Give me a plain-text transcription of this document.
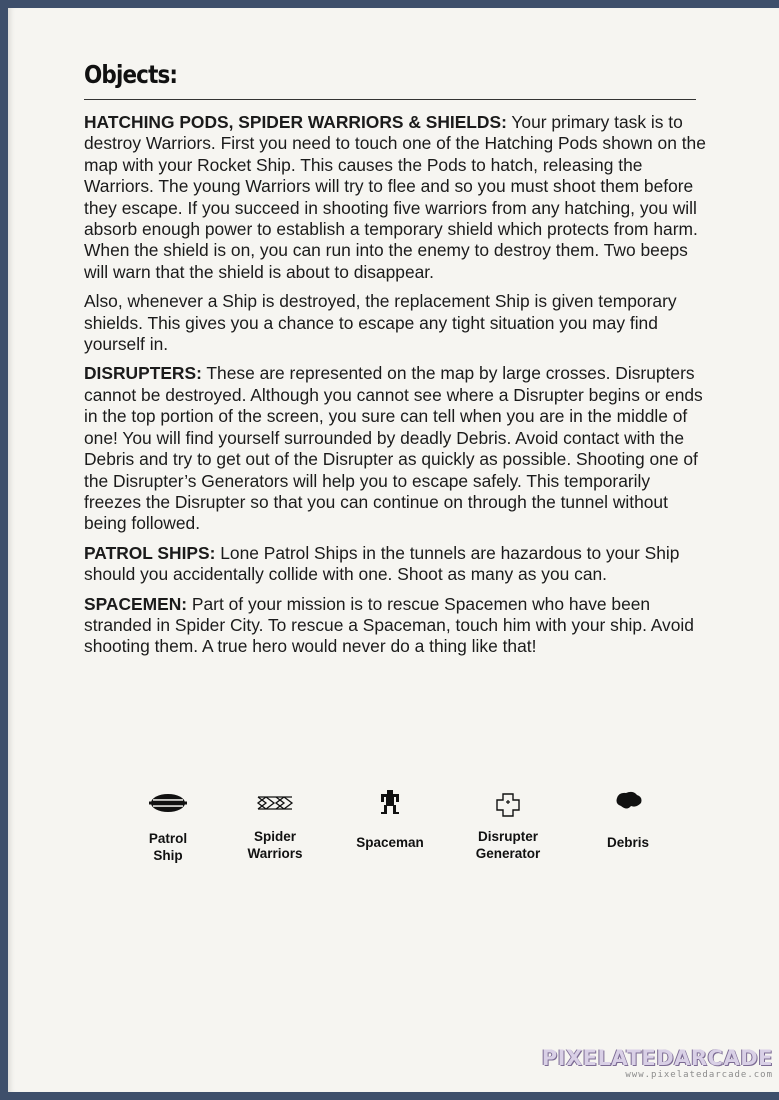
Objects:

HATCHING PODS, SPIDER WARRIORS & SHIELDS: Your primary task is to destroy Warriors. First you need to touch one of the Hatching Pods shown on the map with your Rocket Ship. This causes the Pods to hatch, releasing the Warriors. The young Warriors will try to flee and so you must shoot them before they escape. If you succeed in shooting five warriors from any hatching, you will absorb enough power to establish a temporary shield which protects from harm. When the shield is on, you can run into the enemy to destroy them. Two beeps will warn that the shield is about to disappear.

Also, whenever a Ship is destroyed, the replacement Ship is given temporary shields. This gives you a chance to escape any tight situation you may find yourself in.

DISRUPTERS: These are represented on the map by large crosses. Disrupters cannot be destroyed. Although you cannot see where a Disrupter begins or ends in the top portion of the screen, you sure can tell when you are in the middle of one! You will find yourself surrounded by deadly Debris. Avoid contact with the Debris and try to get out of the Disrupter as quickly as possible. Shooting one of the Disrupter’s Generators will help you to escape safely. This temporarily freezes the Disrupter so that you can continue on through the tunnel without being followed.

PATROL SHIPS: Lone Patrol Ships in the tunnels are hazardous to your Ship should you accidentally collide with one. Shoot as many as you can.

SPACEMEN: Part of your mission is to rescue Spacemen who have been stranded in Spider City. To rescue a Spaceman, touch him with your ship. Avoid shooting them. A true hero would never do a thing like that!

Patrol
Ship
Spider
Warriors
Spaceman	Disrupter
Generator
Debris
PIXELATEDARCADE
www.pixelatedarcade.com
